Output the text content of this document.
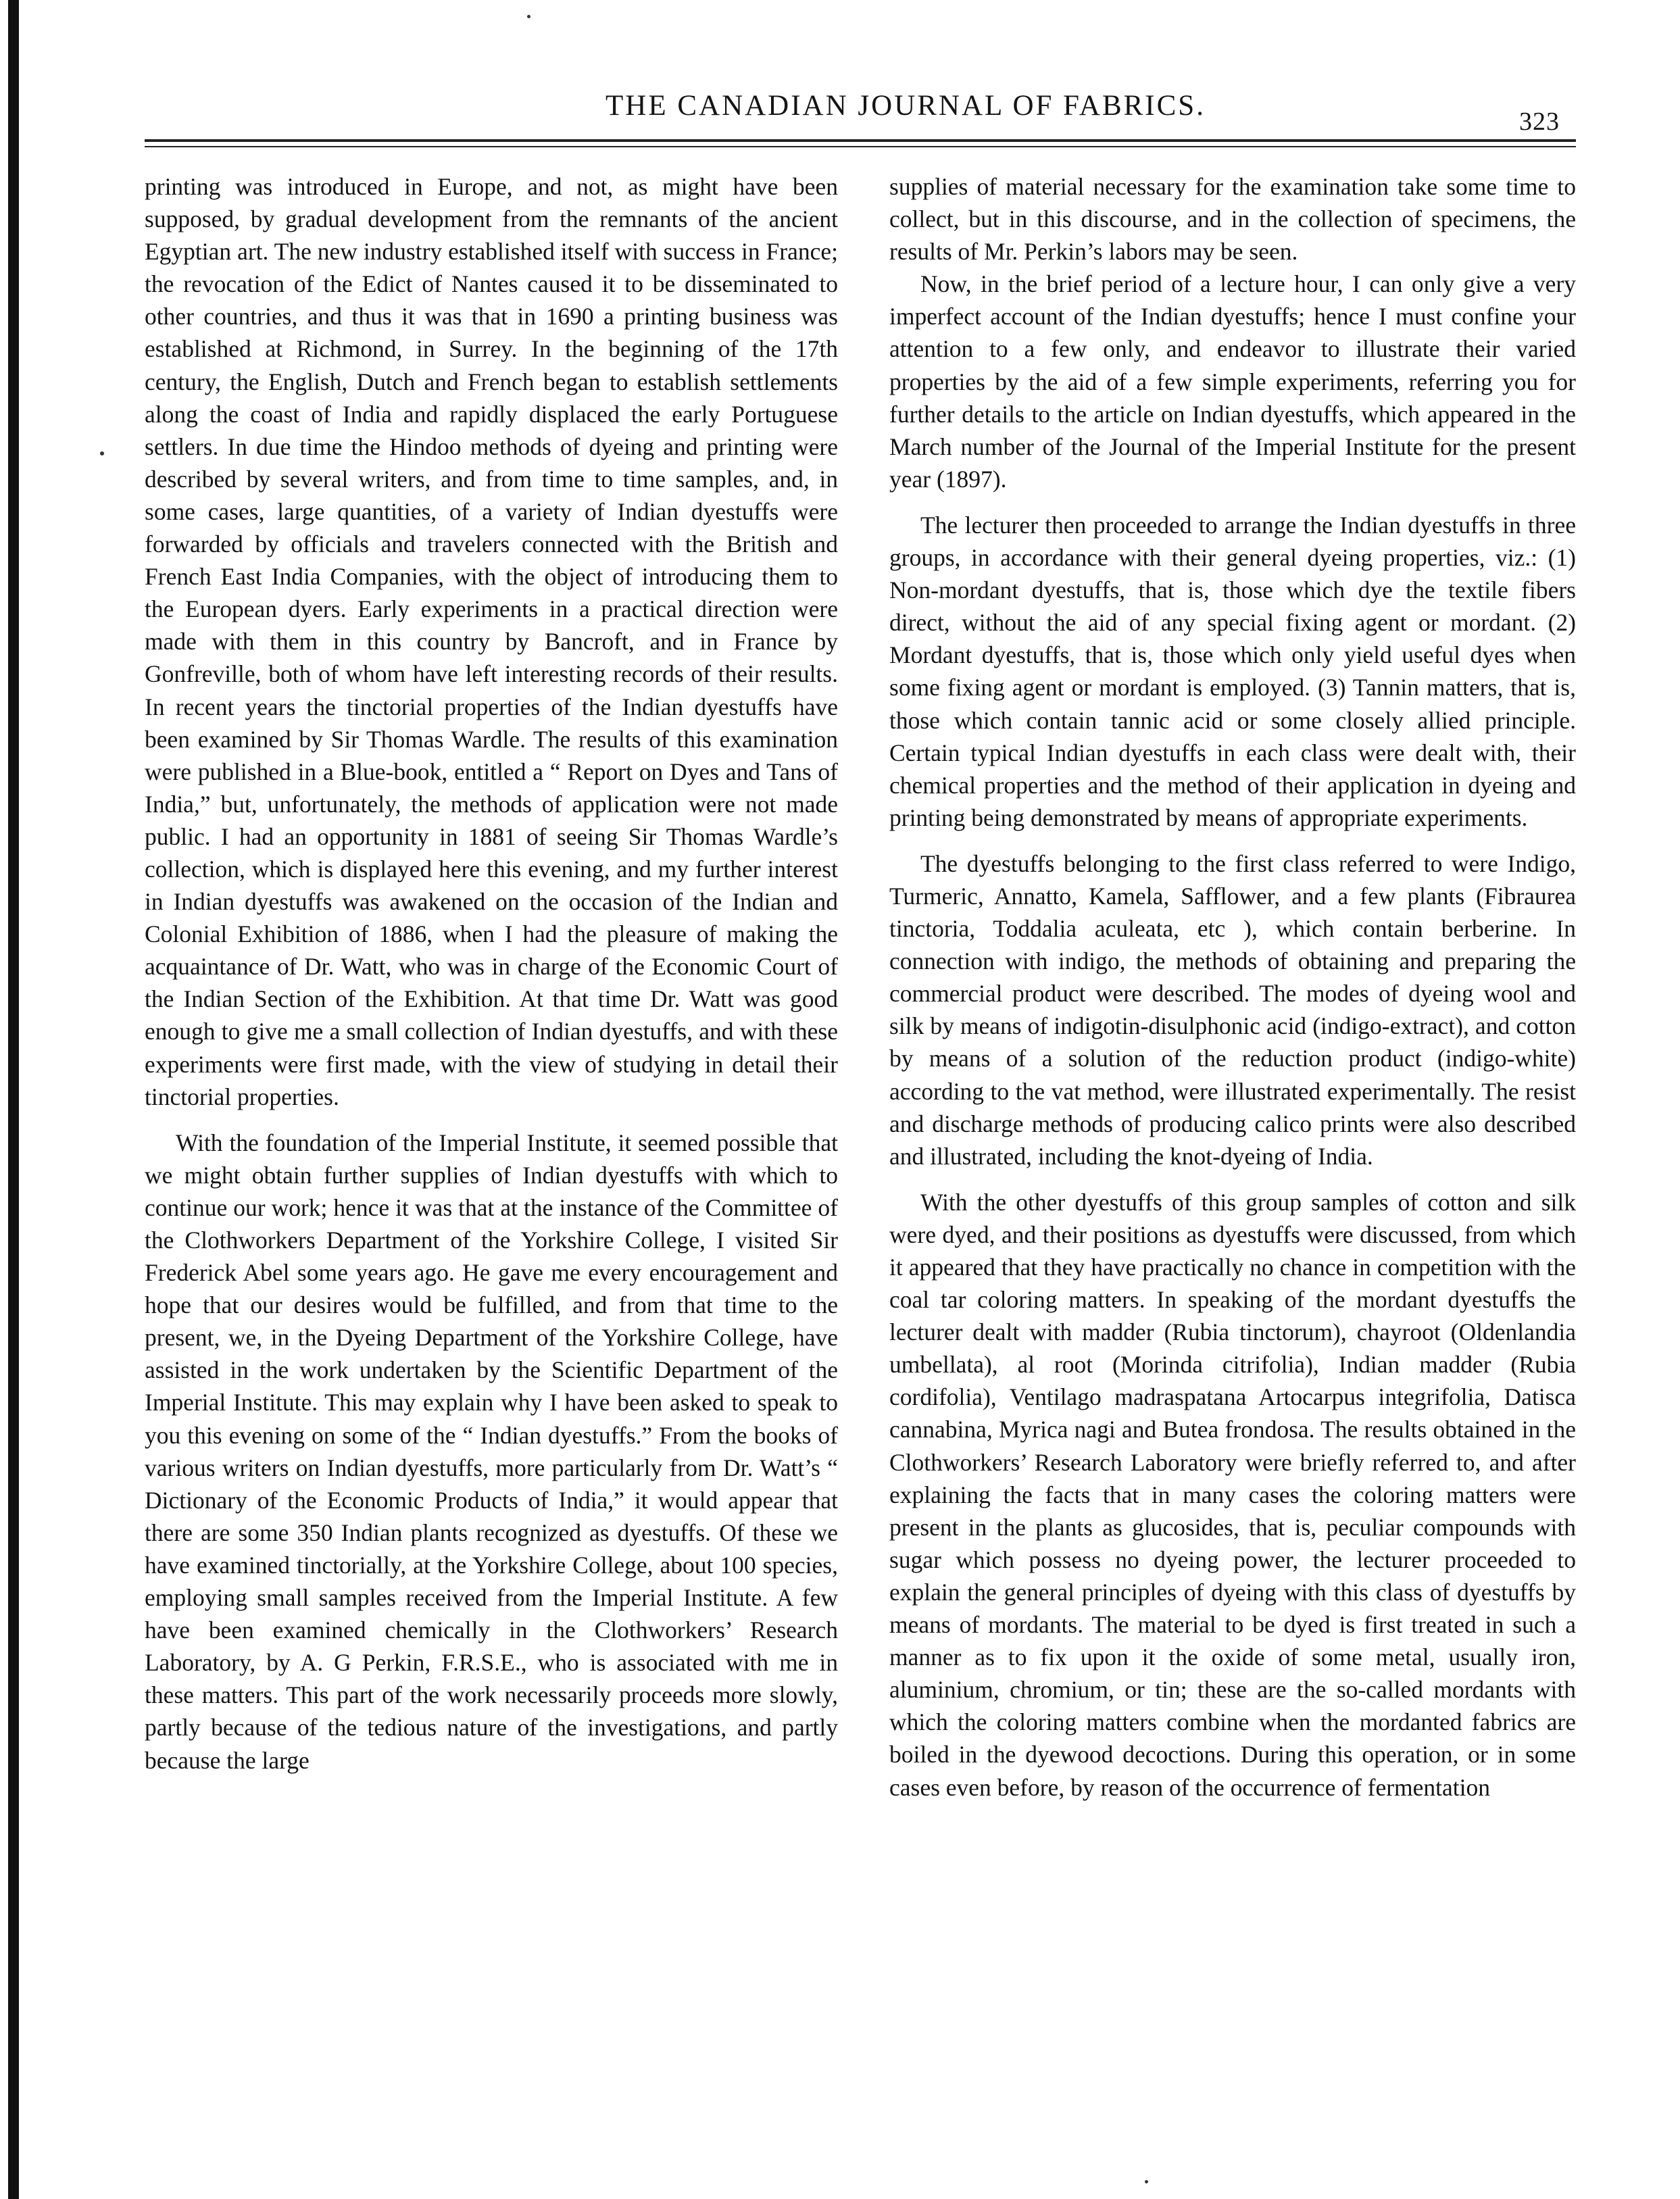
THE CANADIAN JOURNAL OF FABRICS.	323

printing was introduced in Europe, and not, as might have been supposed, by gradual development from the remnants of the ancient Egyptian art. The new industry established itself with success in France; the revocation of the Edict of Nantes caused it to be disseminated to other countries, and thus it was that in 1690 a printing business was established at Richmond, in Surrey. In the beginning of the 17th century, the English, Dutch and French began to establish settlements along the coast of India and rapidly displaced the early Portuguese settlers. In due time the Hindoo methods of dyeing and printing were described by several writers, and from time to time samples, and, in some cases, large quantities, of a variety of Indian dyestuffs were forwarded by officials and travelers connected with the British and French East India Companies, with the object of introducing them to the European dyers. Early experiments in a practical direction were made with them in this country by Bancroft, and in France by Gonfreville, both of whom have left interesting records of their results. In recent years the tinctorial properties of the Indian dyestuffs have been examined by Sir Thomas Wardle. The results of this examination were published in a Blue-book, entitled a “ Report on Dyes and Tans of India,” but, unfortunately, the methods of application were not made public. I had an opportunity in 1881 of seeing Sir Thomas Wardle’s collection, which is displayed here this evening, and my further interest in Indian dyestuffs was awakened on the occasion of the Indian and Colonial Exhibition of 1886, when I had the pleasure of making the acquaintance of Dr. Watt, who was in charge of the Economic Court of the Indian Section of the Exhibition. At that time Dr. Watt was good enough to give me a small collection of Indian dyestuffs, and with these experiments were first made, with the view of studying in detail their tinctorial properties.

With the foundation of the Imperial Institute, it seemed possible that we might obtain further supplies of Indian dyestuffs with which to continue our work; hence it was that at the instance of the Committee of the Clothworkers Department of the Yorkshire College, I visited Sir Frederick Abel some years ago. He gave me every encouragement and hope that our desires would be fulfilled, and from that time to the present, we, in the Dyeing Department of the Yorkshire College, have assisted in the work undertaken by the Scientific Department of the Imperial Institute. This may explain why I have been asked to speak to you this evening on some of the “ Indian dyestuffs.” From the books of various writers on Indian dyestuffs, more particularly from Dr. Watt’s “ Dictionary of the Economic Products of India,” it would appear that there are some 350 Indian plants recognized as dyestuffs. Of these we have examined tinctorially, at the Yorkshire College, about 100 species, employing small samples received from the Imperial Institute. A few have been examined chemically in the Clothworkers’ Research Laboratory, by A. G Perkin, F.R.S.E., who is associated with me in these matters. This part of the work necessarily proceeds more slowly, partly because of the tedious nature of the investigations, and partly because the large

supplies of material necessary for the examination take some time to collect, but in this discourse, and in the collection of specimens, the results of Mr. Perkin’s labors may be seen.

Now, in the brief period of a lecture hour, I can only give a very imperfect account of the Indian dyestuffs; hence I must confine your attention to a few only, and endeavor to illustrate their varied properties by the aid of a few simple experiments, referring you for further details to the article on Indian dyestuffs, which appeared in the March number of the Journal of the Imperial Institute for the present year (1897).

The lecturer then proceeded to arrange the Indian dyestuffs in three groups, in accordance with their general dyeing properties, viz.: (1) Non-mordant dyestuffs, that is, those which dye the textile fibers direct, without the aid of any special fixing agent or mordant. (2) Mordant dyestuffs, that is, those which only yield useful dyes when some fixing agent or mordant is employed. (3) Tannin matters, that is, those which contain tannic acid or some closely allied principle. Certain typical Indian dyestuffs in each class were dealt with, their chemical properties and the method of their application in dyeing and printing being demonstrated by means of appropriate experiments.

The dyestuffs belonging to the first class referred to were Indigo, Turmeric, Annatto, Kamela, Safflower, and a few plants (Fibraurea tinctoria, Toddalia aculeata, etc ), which contain berberine. In connection with indigo, the methods of obtaining and preparing the commercial product were described. The modes of dyeing wool and silk by means of indigotin-disulphonic acid (indigo-extract), and cotton by means of a solution of the reduction product (indigo-white) according to the vat method, were illustrated experimentally. The resist and discharge methods of producing calico prints were also described and illustrated, including the knot-dyeing of India.

With the other dyestuffs of this group samples of cotton and silk were dyed, and their positions as dyestuffs were discussed, from which it appeared that they have practically no chance in competition with the coal tar coloring matters. In speaking of the mordant dyestuffs the lecturer dealt with madder (Rubia tinctorum), chayroot (Oldenlandia umbellata), al root (Morinda citrifolia), Indian madder (Rubia cordifolia), Ventilago madraspatana Artocarpus integrifolia, Datisca cannabina, Myrica nagi and Butea frondosa. The results obtained in the Clothworkers’ Research Laboratory were briefly referred to, and after explaining the facts that in many cases the coloring matters were present in the plants as glucosides, that is, peculiar compounds with sugar which possess no dyeing power, the lecturer proceeded to explain the general principles of dyeing with this class of dyestuffs by means of mordants. The material to be dyed is first treated in such a manner as to fix upon it the oxide of some metal, usually iron, aluminium, chromium, or tin; these are the so-called mordants with which the coloring matters combine when the mordanted fabrics are boiled in the dyewood decoctions. During this operation, or in some cases even before, by reason of the occurrence of fermentation
